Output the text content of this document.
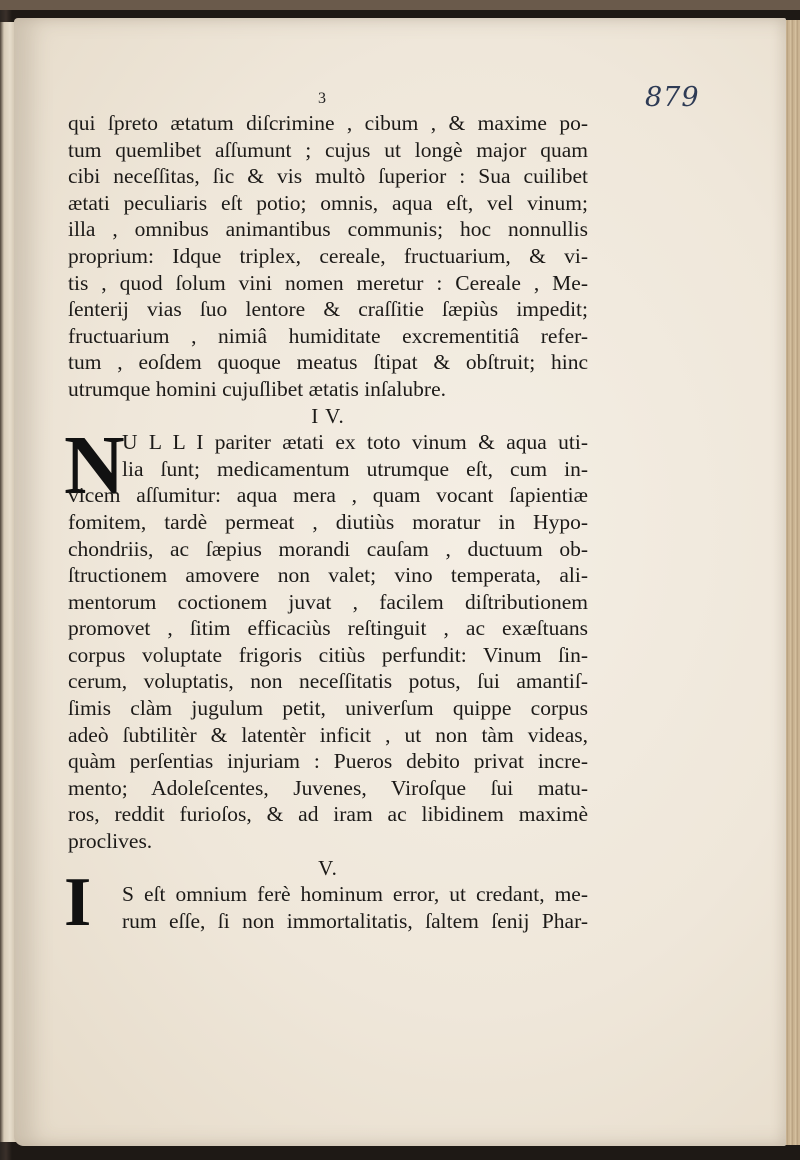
879
3
N
I
qui ſpreto ætatum diſcrimine , cibum , & maxime po-
tum quemlibet aſſumunt ; cujus ut longè major quam
cibi neceſſitas, ſic & vis multò ſuperior : Sua cuilibet
ætati peculiaris eſt potio; omnis, aqua eſt, vel vinum;
illa , omnibus animantibus communis; hoc nonnullis
proprium: Idque triplex, cereale, fructuarium, & vi-
tis , quod ſolum vini nomen meretur : Cereale , Me-
ſenterij vias ſuo lentore & craſſitie ſæpiùs impedit;
fructuarium , nimiâ humiditate excrementitiâ refer-
tum , eoſdem quoque meatus ſtipat & obſtruit; hinc
utrumque homini cujuſlibet ætatis inſalubre.
I V.
U L L I pariter ætati ex toto vinum & aqua uti-
lia ſunt; medicamentum utrumque eſt, cum in-
vicem aſſumitur: aqua mera , quam vocant ſapientiæ
fomitem, tardè permeat , diutiùs moratur in Hypo-
chondriis, ac ſæpius morandi cauſam , ductuum ob-
ſtructionem amovere non valet; vino temperata, ali-
mentorum coctionem juvat , facilem diſtributionem
promovet , ſitim efficaciùs reſtinguit , ac exæſtuans
corpus voluptate frigoris citiùs perfundit: Vinum ſin-
cerum, voluptatis, non neceſſitatis potus, ſui amantiſ-
ſimis clàm jugulum petit, univerſum quippe corpus
adeò ſubtilitèr & latentèr inficit , ut non tàm videas,
quàm perſentias injuriam : Pueros debito privat incre-
mento; Adoleſcentes, Juvenes, Viroſque ſui matu-
ros, reddit furioſos, & ad iram ac libidinem maximè
proclives.
V.
S eſt omnium ferè hominum error, ut credant, me-
rum eſſe, ſi non immortalitatis, ſaltem ſenij Phar-
